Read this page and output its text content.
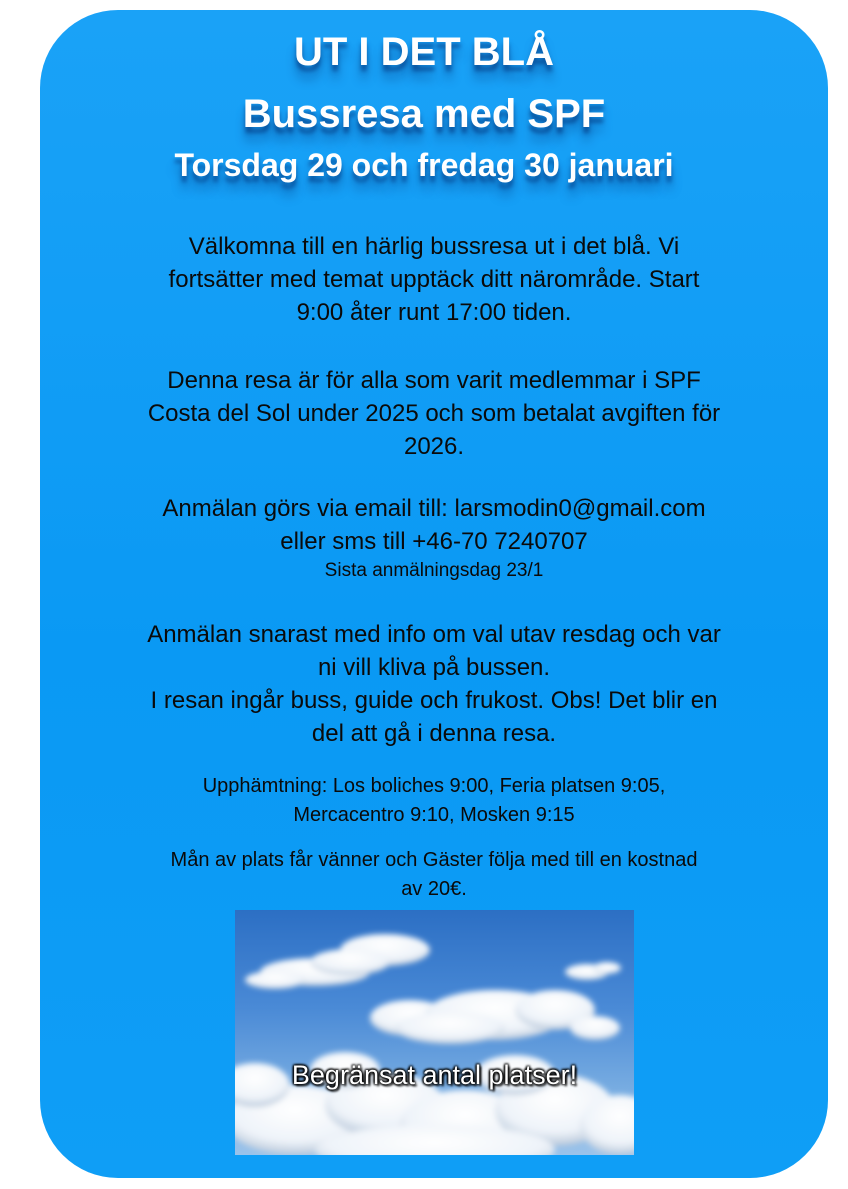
UT I DET BLÅ
Bussresa med SPF
Torsdag 29 och fredag 30 januari
Välkomna till en härlig bussresa ut i det blå. Vi
fortsätter med temat upptäck ditt närområde. Start
9:00 åter runt 17:00 tiden.
Denna resa är för alla som varit medlemmar i SPF
Costa del Sol under 2025 och som betalat avgiften för
2026.
Anmälan görs via email till: larsmodin0@gmail.com
eller sms till +46-70 7240707
Sista anmälningsdag 23/1
Anmälan snarast med info om val utav resdag och var
ni vill kliva på bussen.
I resan ingår buss, guide och frukost. Obs! Det blir en
del att gå i denna resa.
Upphämtning: Los boliches 9:00, Feria platsen 9:05,
Mercacentro 9:10, Mosken 9:15
Mån av plats får vänner och Gäster följa med till en kostnad
av 20€.
Begränsat antal platser!
